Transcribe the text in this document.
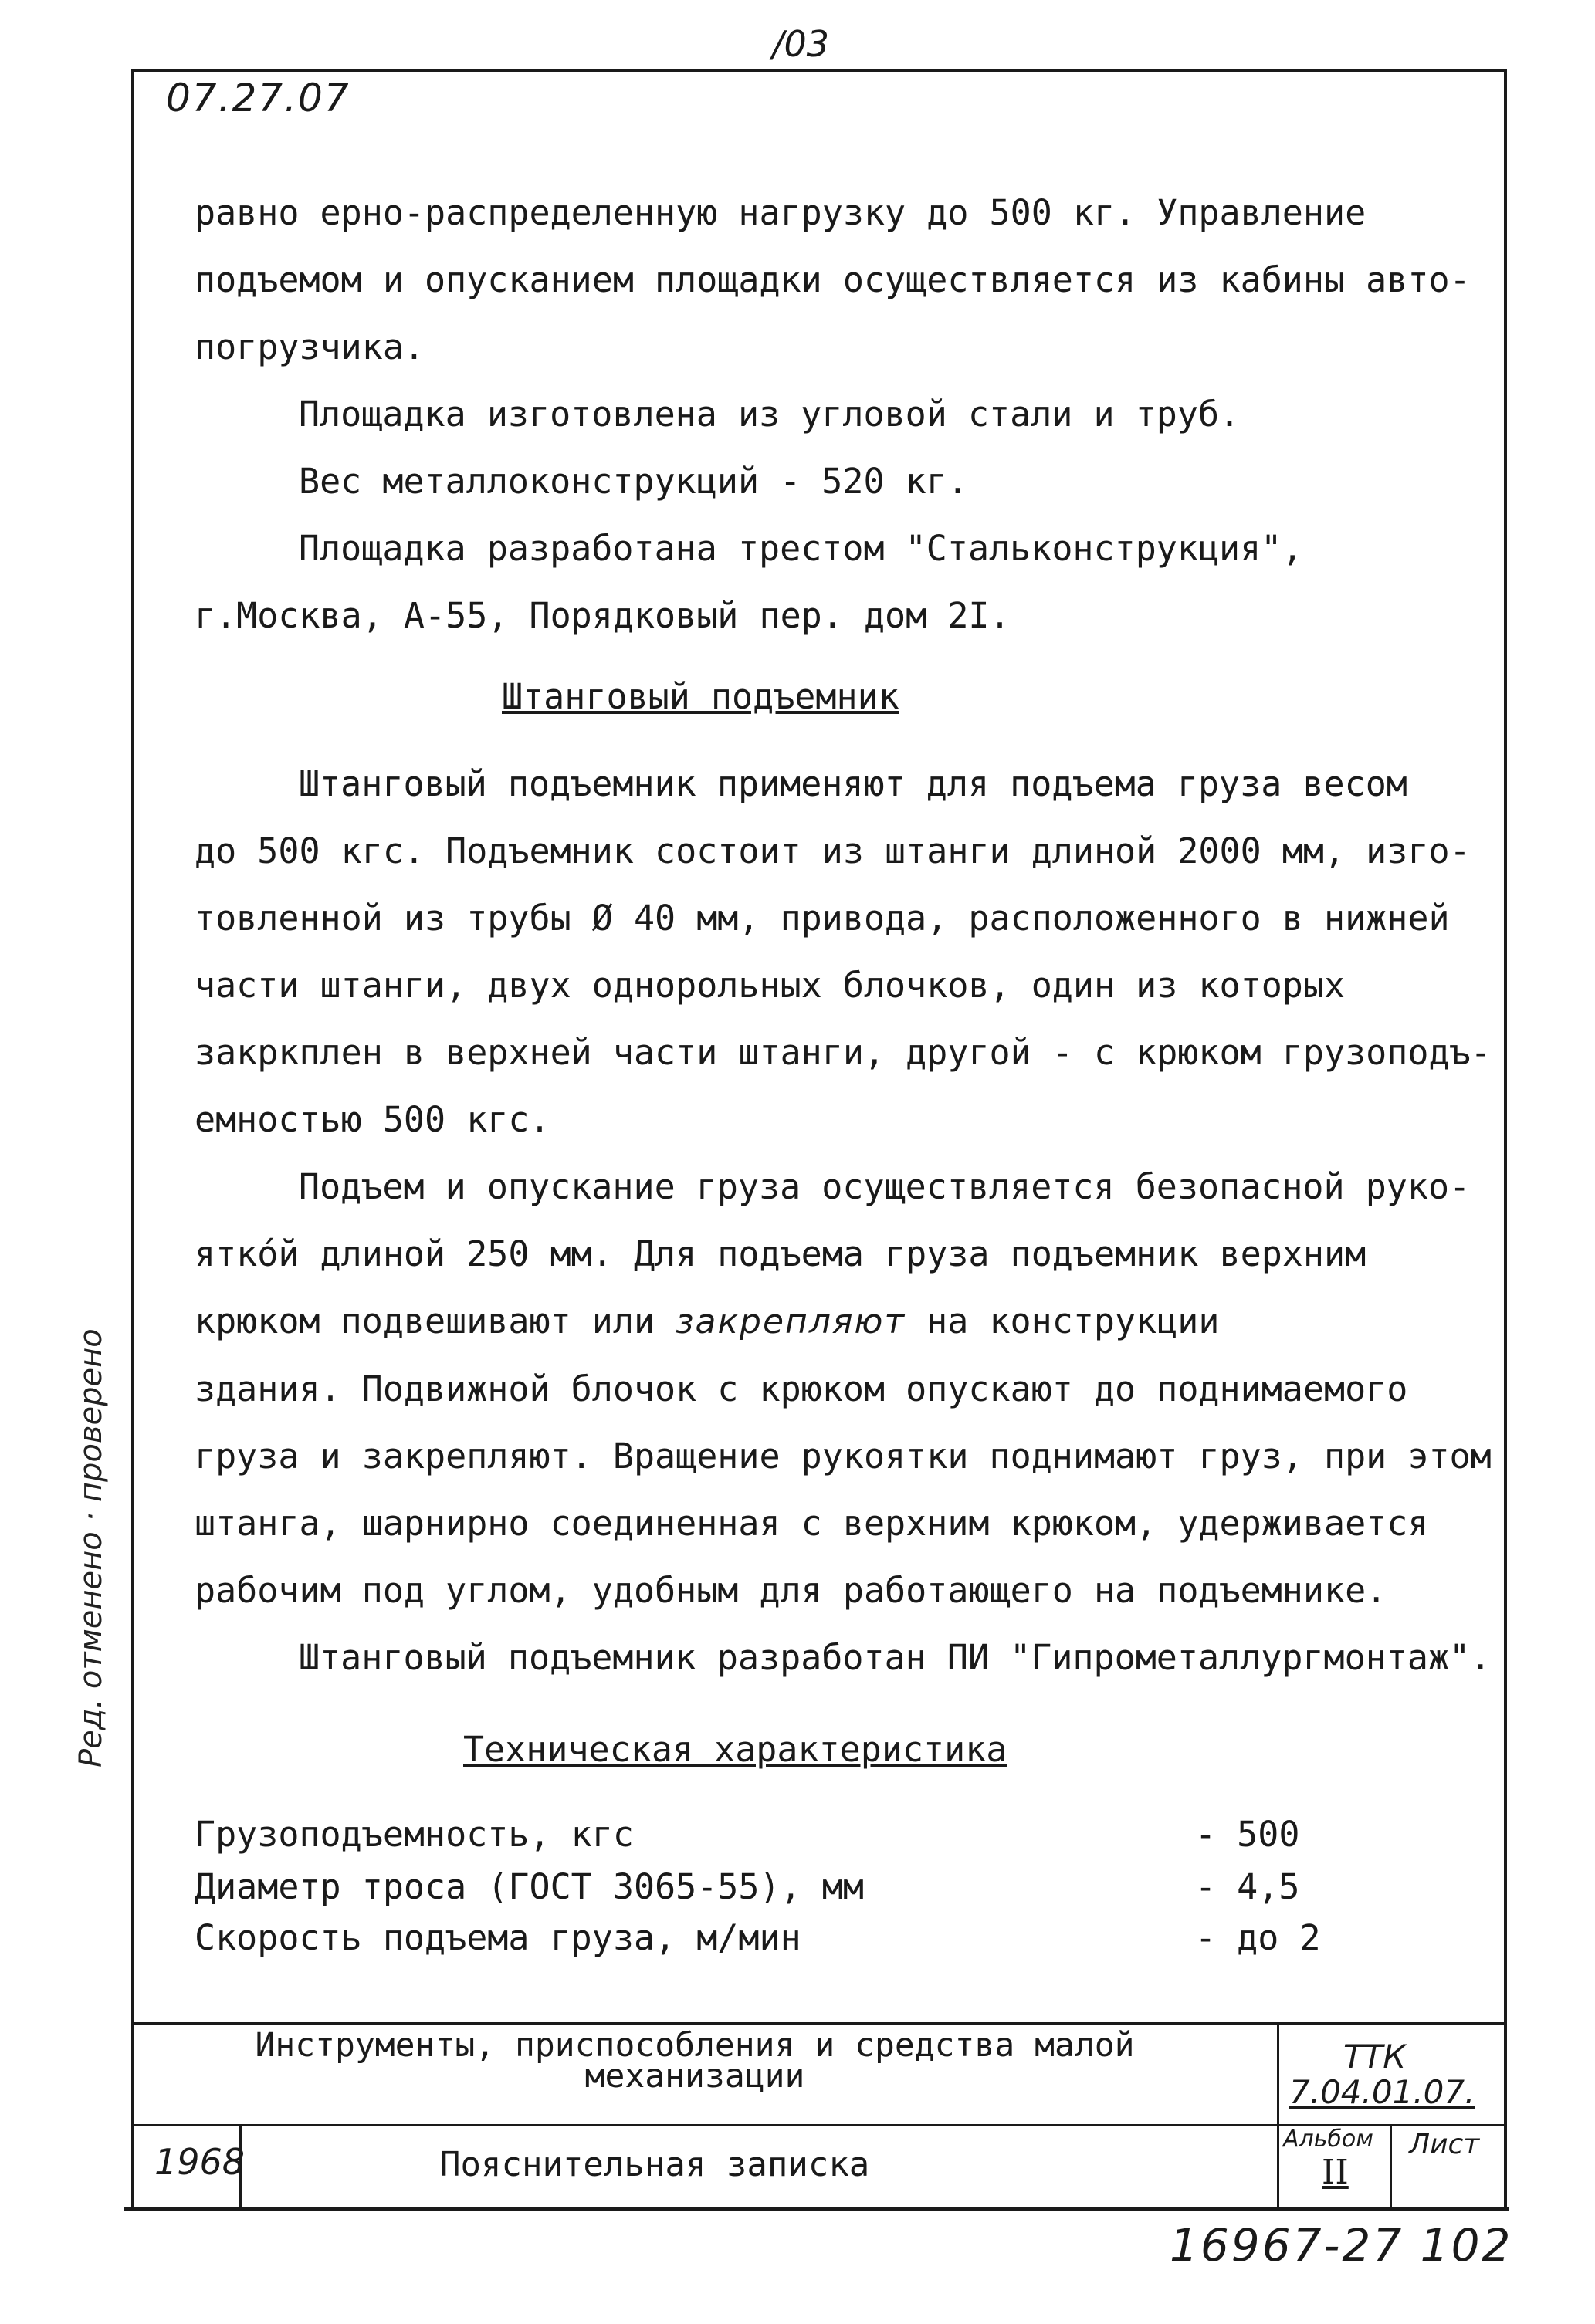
/03
07.27.07

равно ерно-распределенную нагрузку до 500 кг. Управление

подъемом и опусканием площадки осуществляется из кабины авто-

погрузчика.

Площадка изготовлена из угловой стали и труб.

Вес металлоконструкций - 520 кг.

Площадка разработана трестом "Стальконструкция",

г.Москва, А-55, Порядковый пер. дом 2I.

Штанговый подъемник

Штанговый подъемник применяют для подъема груза весом

до 500 кгс. Подъемник состоит из штанги длиной 2000 мм, изго-

товленной из трубы Ø 40 мм, привода, расположенного в нижней

части штанги, двух однорольных блочков, один из которых

закркплен в верхней части штанги, другой - с крюком грузоподъ-

емностью 500 кгс.

Подъем и опускание груза осуществляется безопасной руко-

ятко́й длиной 250 мм. Для подъема груза подъемник верхним

крюком подвешивают или закрепляют на конструкции

здания. Подвижной блочок с крюком опускают до поднимаемого

груза и закрепляют. Вращение рукоятки поднимают груз, при этом

штанга, шарнирно соединенная с верхним крюком, удерживается

рабочим под углом, удобным для работающего на подъемнике.

Штанговый подъемник разработан ПИ "Гипрометаллургмонтаж".

Техническая характеристика
Грузоподъемность, кгс	- 500
Диаметр троса (ГОСТ 3065-55), мм	- 4,5
Скорость подъема груза, м/мин	- до 2
Инструменты, приспособления и средства малой
механизации
1968	Пояснительная записка
ТТК
7.04.01.07.
Альбом
II
Лист
16967-27 102
Ред. отменено · проверено
